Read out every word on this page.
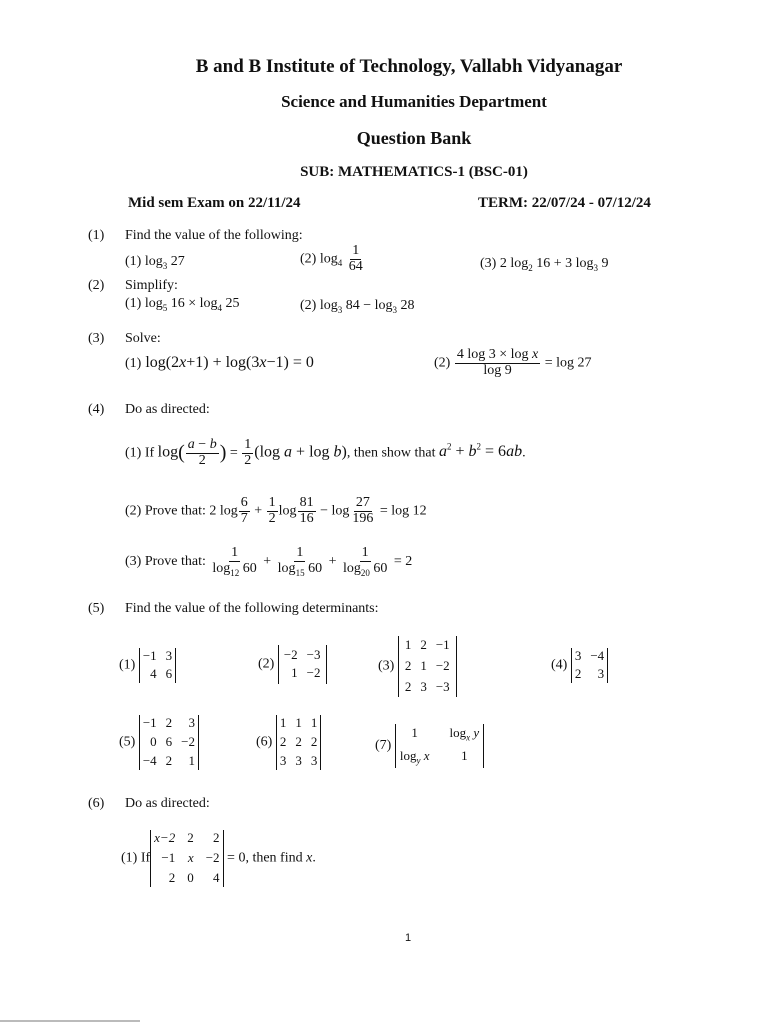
B and B Institute of Technology, Vallabh Vidyanagar
Science and Humanities Department
Question Bank
SUB: MATHEMATICS-1 (BSC-01)
Mid sem Exam on 22/11/24	TERM: 22/07/24 - 07/12/24
(1) Find the value of the following:
(1) $\log_3 27$	(2) $\log_4 \frac{1}{64}$	(3) 2 $\log_2 16 + 3$ $\log_3 9$
(2) Simplify:
(1) $\log_5 16 \times \log_4 25$	(2) $\log_3 84 - \log_3 28$
(3) Solve:
(1) log(2x+1) + log(3x−1) = 0	$(2) \frac{\text{4 log 3 × log x}}{\log 9} = \log 27$
(4) Do as directed:
(1) If $\log( \frac{a - b}{2}$ ) = $\frac{1}{2} (\log$ a + log b), then show that $a^2 + b^2 = 6ab$.
(2) Prove that: 2 $\log \frac{6}{7} + \frac{1}{2}$ $\log \frac{81}{16} - \log \frac{27}{196} = \log 12$
(3) Prove that: $\frac{1}{\log_{12} 60} + \frac{1}{\log_{15} 60} + \frac{1}{\log_{20} 60} = 2$
(5) Find the value of the following determinants:
(1)
−1 3
4 6
(2)
−2 −3
1 −2	(3)
1 2 −1
2 1 −2
2 3 −3
(4)
3 −4
2	3
(5)
−1 2	3
0 6 −2
−4 2	1
(6)
1 1 1
2 2 2
3 3 3
(7)
1	$\log_x y$
$\log_y x$	1
(6) Do as directed:
(1) If
x−2 2	2
−1 x −2
2 0	4
= 0, then find x.
1
